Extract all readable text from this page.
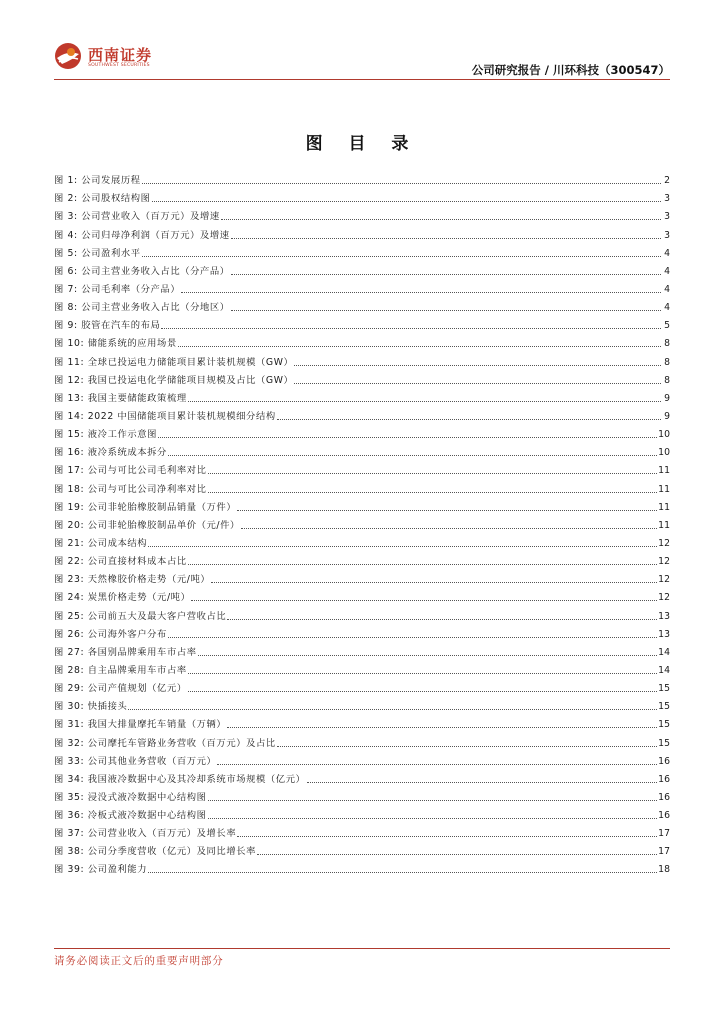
西南证券
SOUTHWEST SECURITIES	公司研究报告 / 川环科技（300547）
图 目 录
图 1: 公司发展历程	2
图 2: 公司股权结构图	3
图 3: 公司营业收入（百万元）及增速	3
图 4: 公司归母净利润（百万元）及增速	3
图 5: 公司盈利水平	4
图 6: 公司主营业务收入占比（分产品）	4
图 7: 公司毛利率（分产品）	4
图 8: 公司主营业务收入占比（分地区）	4
图 9: 胶管在汽车的布局	5
图 10: 储能系统的应用场景	8
图 11: 全球已投运电力储能项目累计装机规模（GW）	8
图 12: 我国已投运电化学储能项目规模及占比（GW）	8
图 13: 我国主要储能政策梳理	9
图 14: 2022 中国储能项目累计装机规模细分结构	9
图 15: 液冷工作示意图	10
图 16: 液冷系统成本拆分	10
图 17: 公司与可比公司毛利率对比	11
图 18: 公司与可比公司净利率对比	11
图 19: 公司非轮胎橡胶制品销量（万件）	11
图 20: 公司非轮胎橡胶制品单价（元/件）	11
图 21: 公司成本结构	12
图 22: 公司直接材料成本占比	12
图 23: 天然橡胶价格走势（元/吨）	12
图 24: 炭黑价格走势（元/吨）	12
图 25: 公司前五大及最大客户营收占比	13
图 26: 公司海外客户分布	13
图 27: 各国别品牌乘用车市占率	14
图 28: 自主品牌乘用车市占率	14
图 29: 公司产值规划（亿元）	15
图 30: 快插接头	15
图 31: 我国大排量摩托车销量（万辆）	15
图 32: 公司摩托车管路业务营收（百万元）及占比	15
图 33: 公司其他业务营收（百万元）	16
图 34: 我国液冷数据中心及其冷却系统市场规模（亿元）	16
图 35: 浸没式液冷数据中心结构图	16
图 36: 冷板式液冷数据中心结构图	16
图 37: 公司营业收入（百万元）及增长率	17
图 38: 公司分季度营收（亿元）及同比增长率	17
图 39: 公司盈利能力	18
请务必阅读正文后的重要声明部分
